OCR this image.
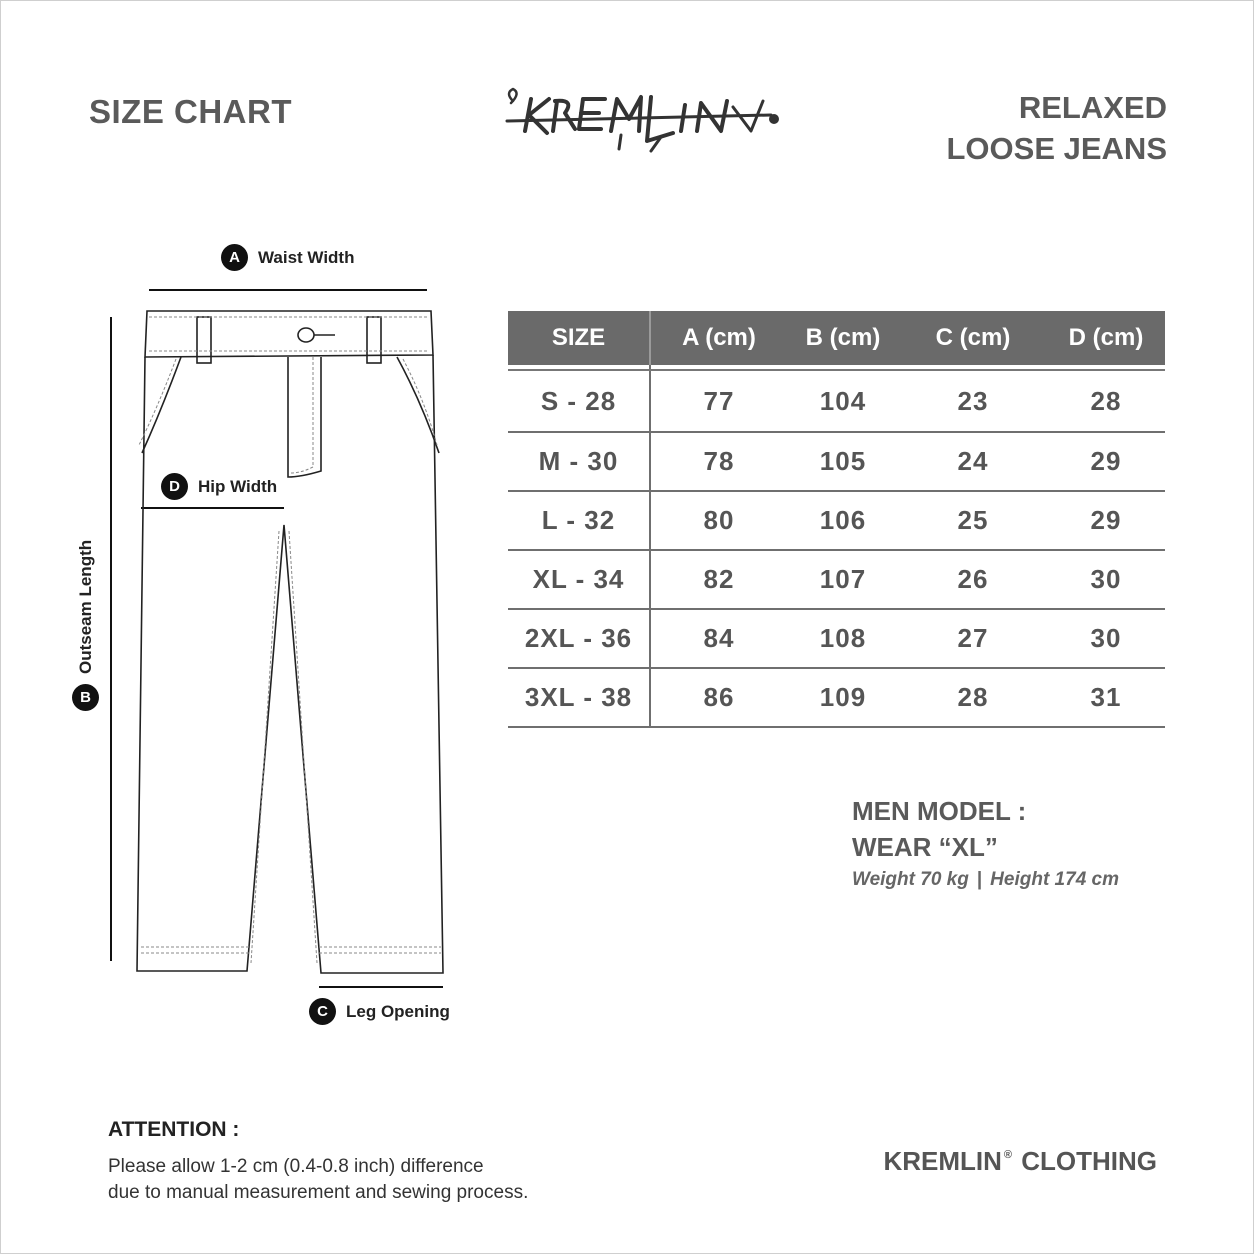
SIZE CHART	RELAXED
LOOSE JEANS
A	Waist Width
D	Hip Width
C	Leg Opening
B
Outseam Length
SIZE	A (cm)	B (cm)	C (cm)	D (cm)
S - 28	77	104	23	28
M - 30	78	105	24	29
L - 32	80	106	25	29
XL - 34	82	107	26	30
2XL - 36	84	108	27	30
3XL - 38	86	109	28	31
MEN MODEL :
WEAR “XL”
Weight 70 kg | Height 174 cm
ATTENTION :
Please allow 1-2 cm (0.4-0.8 inch) difference
due to manual measurement and sewing process.
KREMLIN ® CLOTHING
